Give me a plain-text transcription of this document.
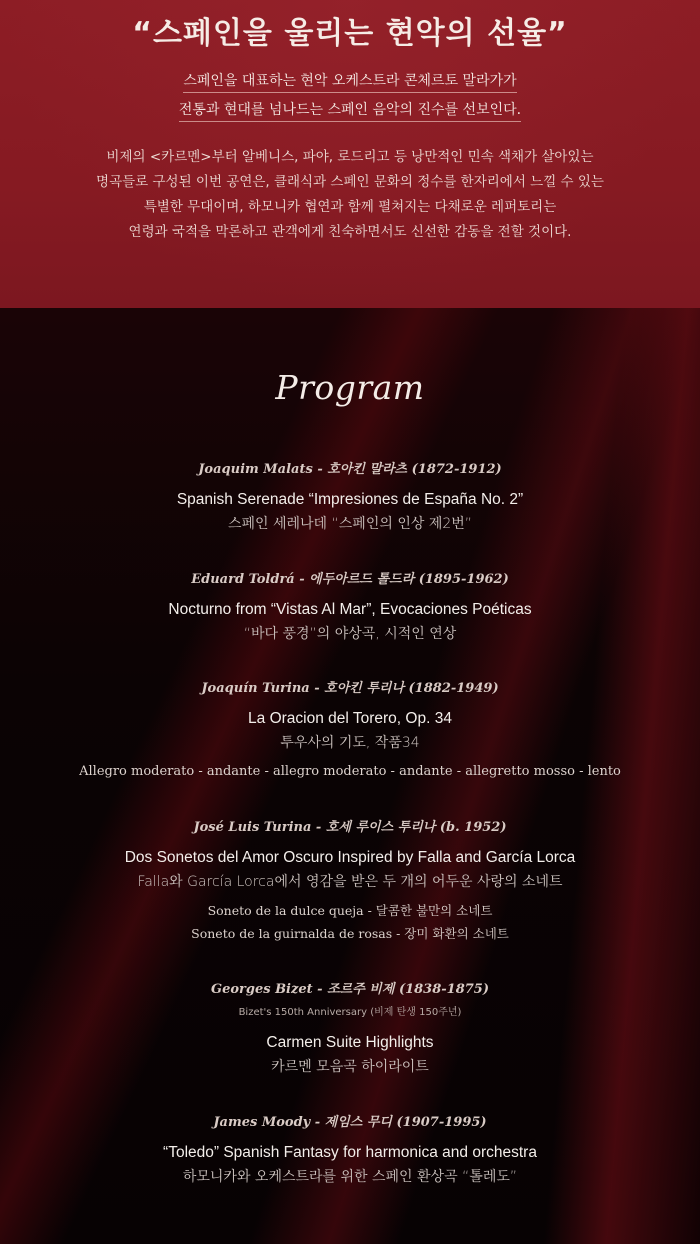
“스페인을 울리는 현악의 선율”
스페인을 대표하는 현악 오케스트라 콘체르토 말라가가
전통과 현대를 넘나드는 스페인 음악의 진수를 선보인다.
비제의 <카르멘>부터 알베니스, 파야, 로드리고 등 낭만적인 민속 색채가 살아있는
명곡들로 구성된 이번 공연은, 클래식과 스페인 문화의 정수를 한자리에서 느낄 수 있는
특별한 무대이며, 하모니카 협연과 함께 펼쳐지는 다채로운 레퍼토리는
연령과 국적을 막론하고 관객에게 친숙하면서도 신선한 감동을 전할 것이다.
Program
Joaquim Malats - 호아킨 말라츠 (1872-1912)
Spanish Serenade “Impresiones de España No. 2”
스페인 세레나데 “스페인의 인상 제2번”
Eduard Toldrá - 에두아르드 톨드라 (1895-1962)
Nocturno from “Vistas Al Mar”, Evocaciones Poéticas
“바다 풍경”의 야상곡, 시적인 연상
Joaquín Turina - 호아킨 투리나 (1882-1949)
La Oracion del Torero, Op. 34
투우사의 기도, 작품34
Allegro moderato - andante - allegro moderato - andante - allegretto mosso - lento
José Luis Turina - 호세 루이스 투리나 (b. 1952)
Dos Sonetos del Amor Oscuro Inspired by Falla and García Lorca
Falla와 García Lorca에서 영감을 받은 두 개의 어두운 사랑의 소네트
Soneto de la dulce queja - 달콤한 불만의 소네트
Soneto de la guirnalda de rosas - 장미 화환의 소네트
Georges Bizet - 조르주 비제 (1838-1875)
Bizet's 150th Anniversary (비제 탄생 150주년)
Carmen Suite Highlights
카르멘 모음곡 하이라이트
James Moody - 제임스 무디 (1907-1995)
“Toledo” Spanish Fantasy for harmonica and orchestra
하모니카와 오케스트라를 위한 스페인 환상곡 “톨레도”
